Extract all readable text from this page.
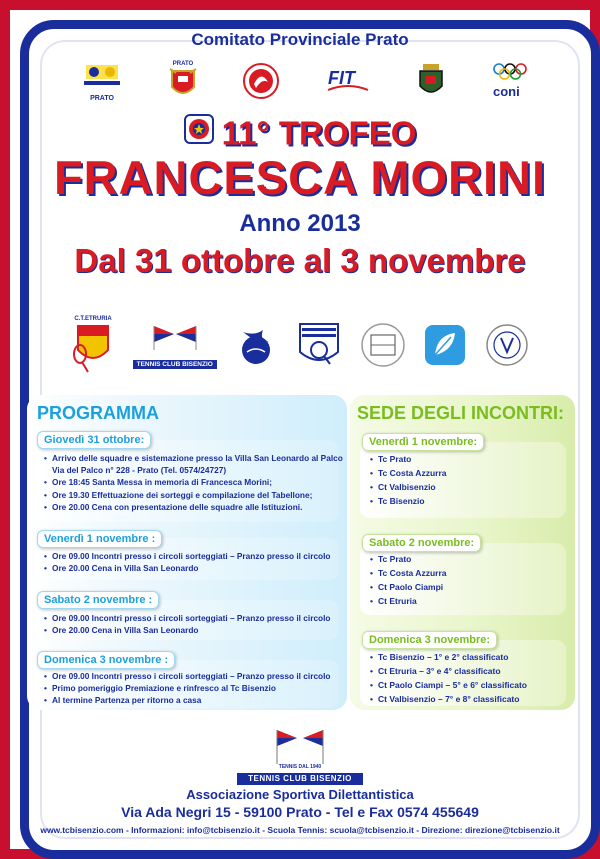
Comitato Provinciale Prato
PRATO
PRATO
FIT
coni
11° TROFEO
FRANCESCA MORINI
Anno 2013
Dal 31 ottobre al 3 novembre
C.T.ETRURIA
TENNIS CLUB BISENZIO
PROGRAMMA
Giovedì 31 ottobre:
• Arrivo delle squadre e sistemazione presso la Villa San Leonardo al Palco
Via del Palco n° 228 - Prato (Tel. 0574/24727)
• Ore 18:45 Santa Messa in memoria di Francesca Morini;
• Ore 19.30 Effettuazione dei sorteggi e compilazione del Tabellone;
• Ore 20.00 Cena con presentazione delle squadre alle Istituzioni.
Venerdì 1 novembre :
• Ore 09.00 Incontri presso i circoli sorteggiati – Pranzo presso il circolo
• Ore 20.00 Cena in Villa San Leonardo
Sabato 2 novembre :
• Ore 09.00 Incontri presso i circoli sorteggiati – Pranzo presso il circolo
• Ore 20.00 Cena in Villa San Leonardo
Domenica 3 novembre :
• Ore 09.00 Incontri presso i circoli sorteggiati – Pranzo presso il circolo
• Primo pomeriggio Premiazione e rinfresco al Tc Bisenzio
• Al termine Partenza per ritorno a casa
SEDE DEGLI INCONTRI:
Venerdì 1 novembre:
• Tc Prato
• Tc Costa Azzurra
• Ct Valbisenzio
• Tc Bisenzio
Sabato 2 novembre:
• Tc Prato
• Tc Costa Azzurra
• Ct Paolo Ciampi
• Ct Etruria
Domenica 3 novembre:
• Tc Bisenzio – 1° e 2° classificato
• Ct Etruria – 3° e 4° classificato
• Ct Paolo Ciampi – 5° e 6° classificato
• Ct Valbisenzio – 7° e 8° classificato
TENNIS DAL 1940
TENNIS CLUB BISENZIO
Associazione Sportiva Dilettantistica
Via Ada Negri 15 - 59100 Prato - Tel e Fax 0574 455649
www.tcbisenzio.com - Informazioni: info@tcbisenzio.it - Scuola Tennis: scuola@tcbisenzio.it - Direzione: direzione@tcbisenzio.it
